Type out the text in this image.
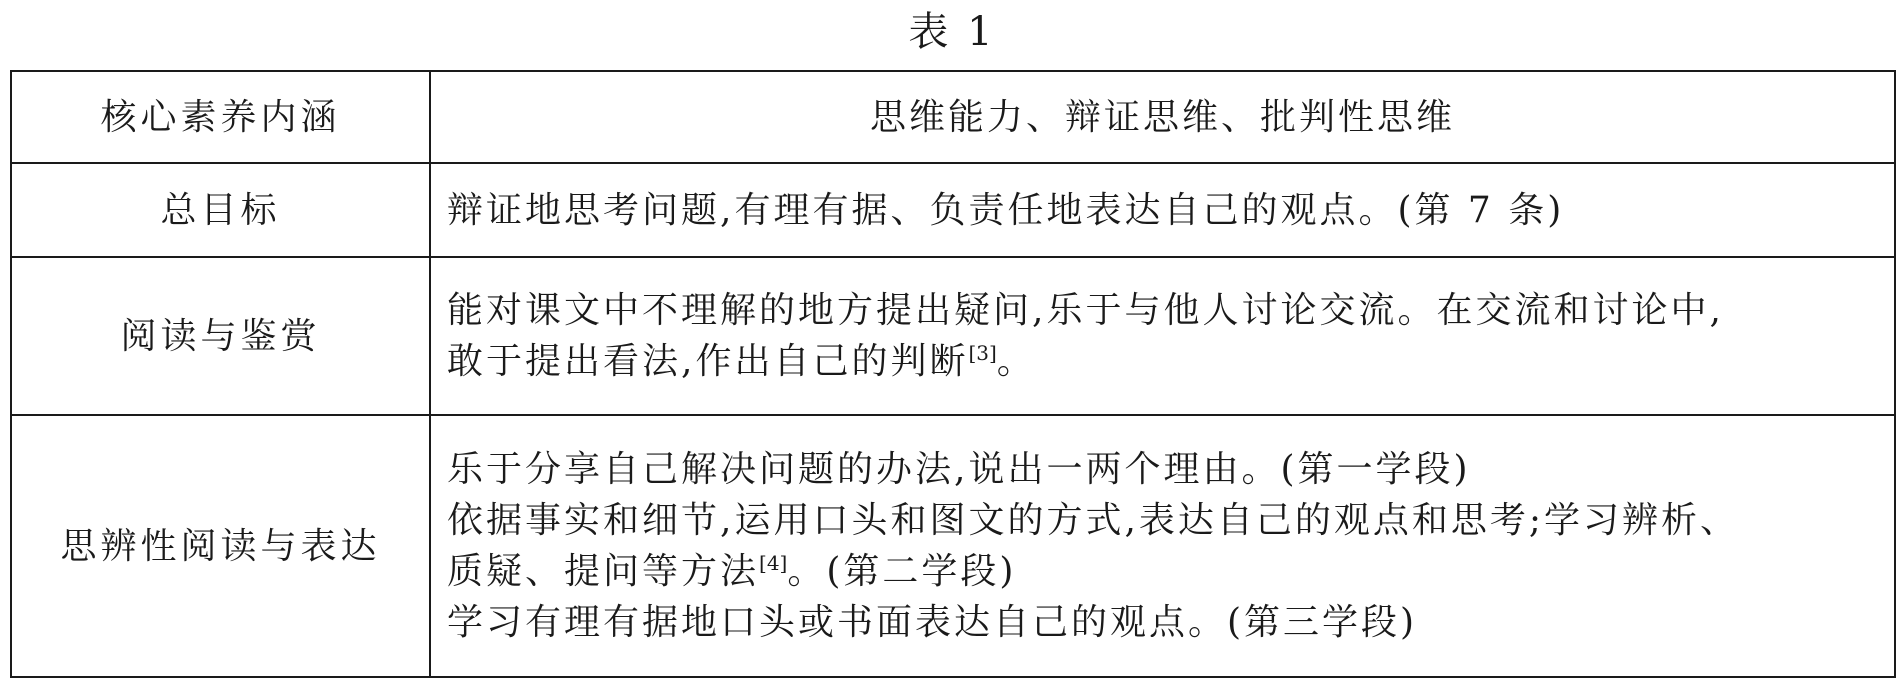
表 1
核心素养内涵	思维能力、辩证思维、批判性思维

总目标	辩证地思考问题,有理有据、负责任地表达自己的观点。(第 7 条)

阅读与鉴赏	能对课文中不理解的地方提出疑问,乐于与他人讨论交流。在交流和讨论中,
敢于提出看法,作出自己的判断[3]。

思辨性阅读与表达	乐于分享自己解决问题的办法,说出一两个理由。(第一学段)
依据事实和细节,运用口头和图文的方式,表达自己的观点和思考;学习辨析、
质疑、提问等方法[4]。(第二学段)
学习有理有据地口头或书面表达自己的观点。(第三学段)
